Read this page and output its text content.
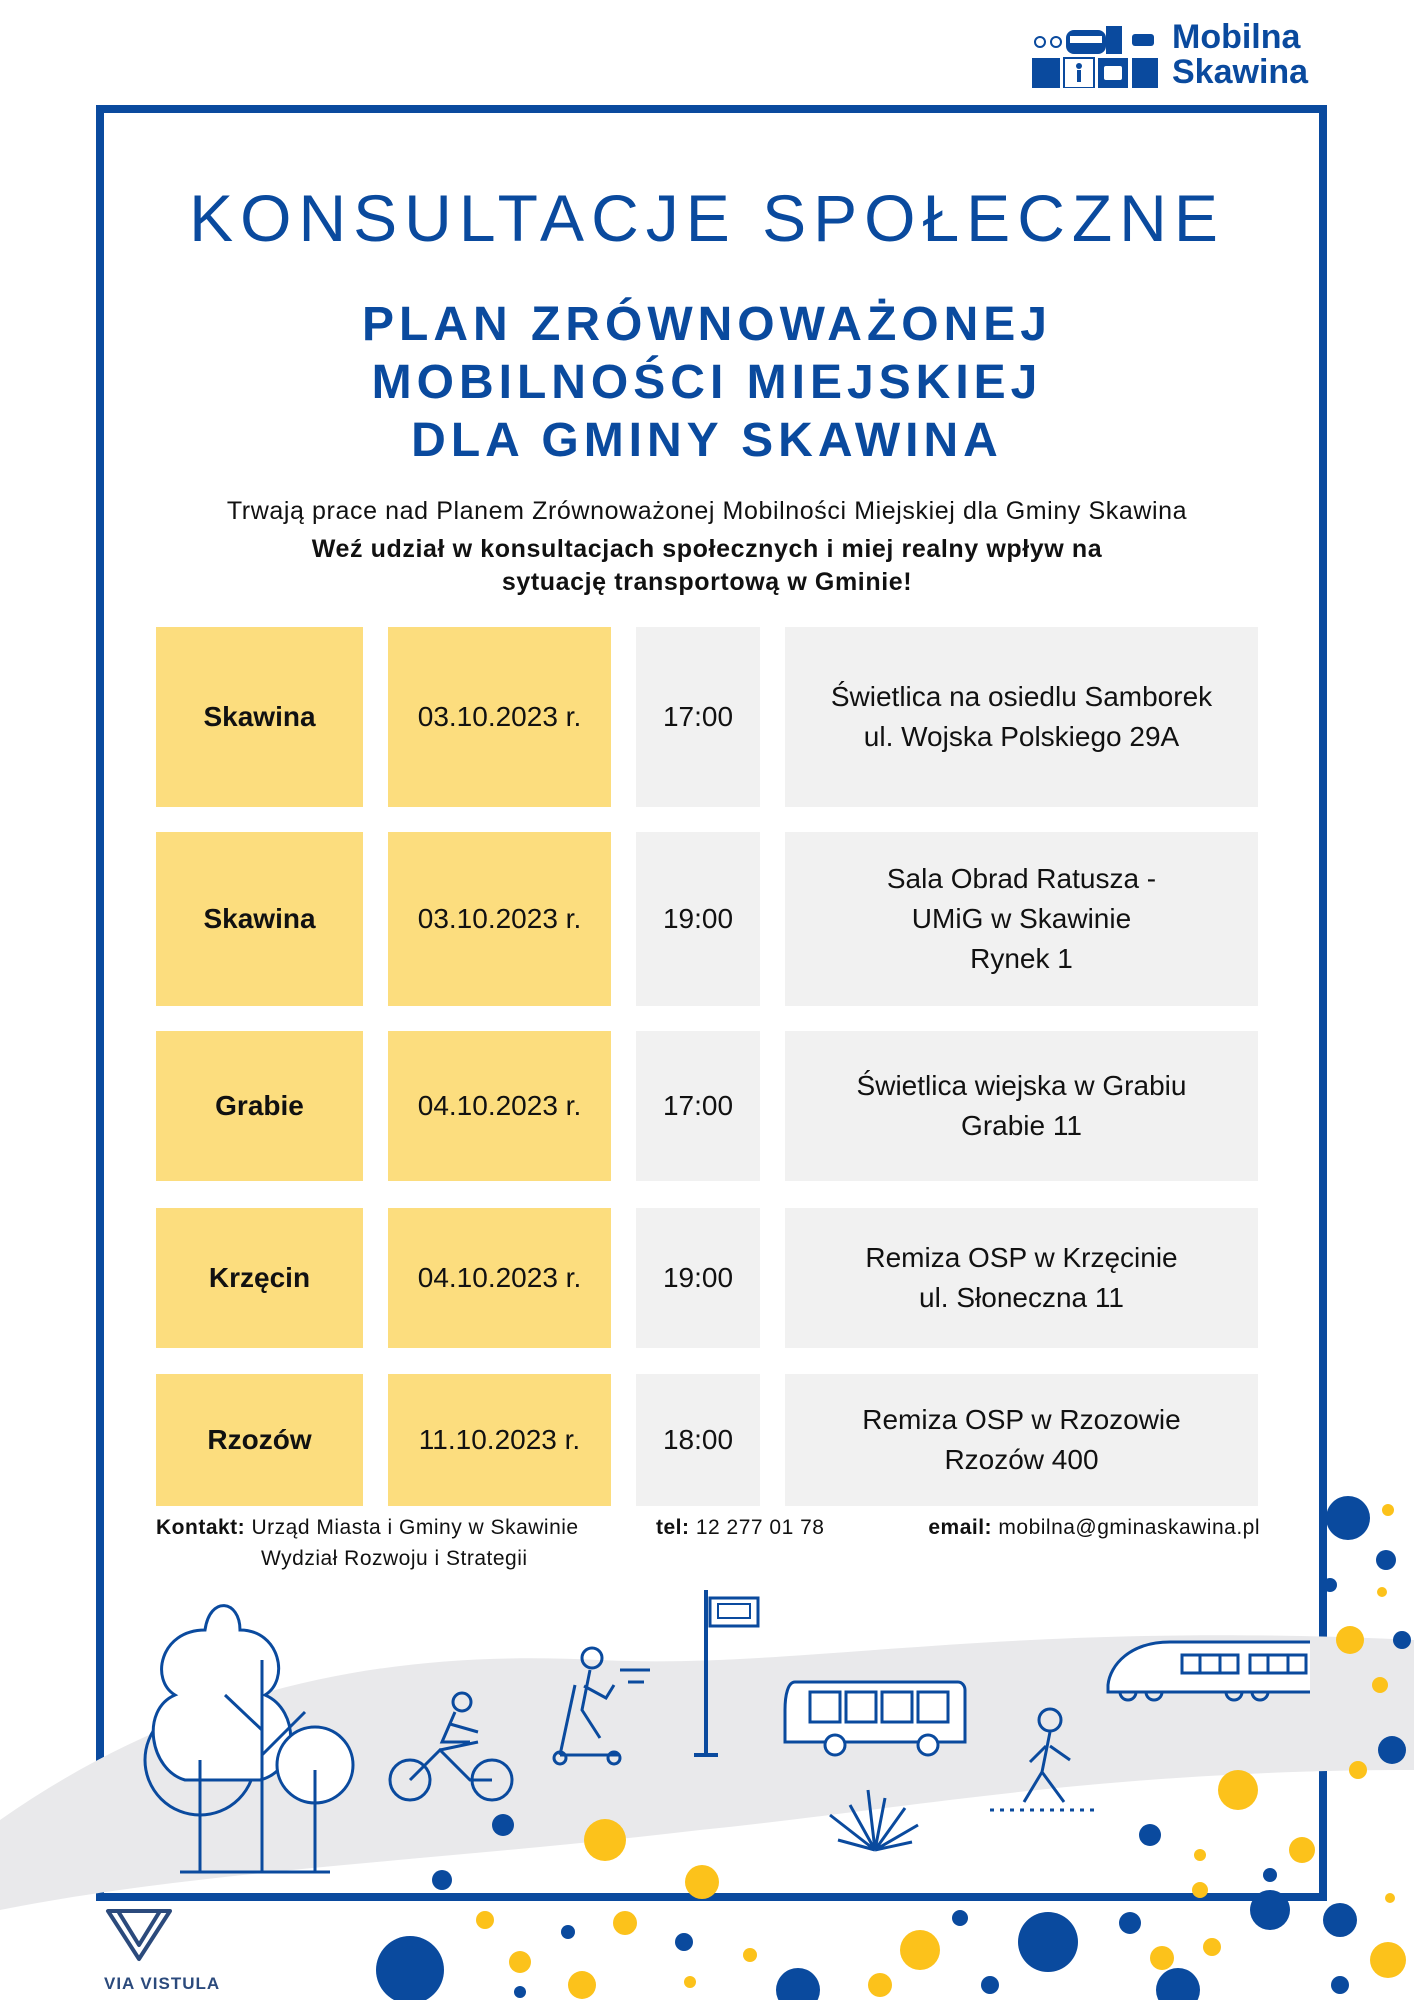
Mobilna
Skawina
KONSULTACJE SPOŁECZNE
PLAN ZRÓWNOWAŻONEJ
MOBILNOŚCI MIEJSKIEJ
DLA GMINY SKAWINA
Trwają prace nad Planem Zrównoważonej Mobilności Miejskiej dla Gminy Skawina
Weź udział w konsultacjach społecznych i miej realny wpływ na
sytuację transportową w Gminie!
Skawina	03.10.2023 r.	17:00
Świetlica na osiedlu Samborek
ul. Wojska Polskiego 29A
Skawina	03.10.2023 r.	19:00
Sala Obrad Ratusza -
UMiG w Skawinie
Rynek 1
Grabie	04.10.2023 r.	17:00
Świetlica wiejska w Grabiu
Grabie 11
Krzęcin	04.10.2023 r.	19:00
Remiza OSP w Krzęcinie
ul. Słoneczna 11
Rzozów	11.10.2023 r.	18:00
Remiza OSP w Rzozowie
Rzozów 400
Kontakt: Urząd Miasta i Gminy w Skawinie
Wydział Rozwoju i Strategii
tel: 12 277 01 78	email: mobilna@gminaskawina.pl
VIA VISTULA
